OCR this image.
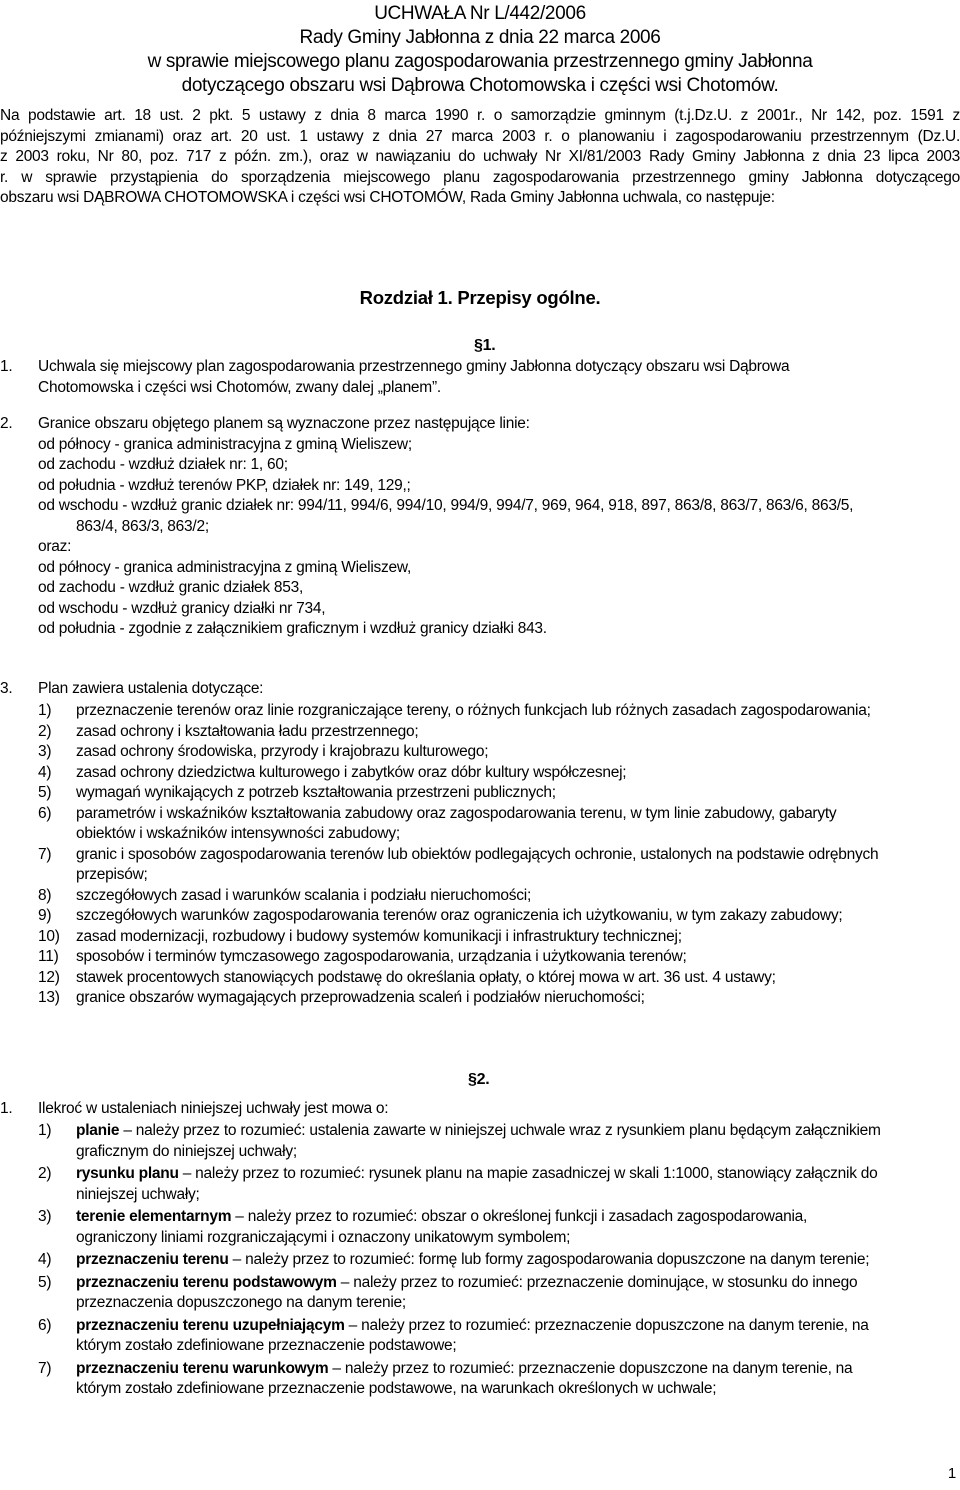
UCHWAŁA Nr L/442/2006
Rady Gminy Jabłonna z dnia 22 marca 2006
w sprawie miejscowego planu zagospodarowania przestrzennego gminy Jabłonna
dotyczącego obszaru wsi Dąbrowa Chotomowska i części wsi Chotomów.
Na podstawie art. 18 ust. 2 pkt. 5 ustawy z dnia 8 marca 1990 r. o samorządzie gminnym (t.j.Dz.U. z 2001r., Nr 142, poz. 1591 z
późniejszymi zmianami) oraz art. 20 ust. 1 ustawy z dnia 27 marca 2003 r. o planowaniu i zagospodarowaniu przestrzennym (Dz.U.
z 2003 roku, Nr 80, poz. 717 z późn. zm.), oraz w nawiązaniu do uchwały Nr XI/81/2003 Rady Gminy Jabłonna z dnia 23 lipca 2003
r. w sprawie przystąpienia do sporządzenia miejscowego planu zagospodarowania przestrzennego gminy Jabłonna dotyczącego
obszaru wsi DĄBROWA CHOTOMOWSKA i części wsi CHOTOMÓW, Rada Gminy Jabłonna uchwala, co następuje:
Rozdział 1. Przepisy ogólne.
§1.
1. Uchwala się miejscowy plan zagospodarowania przestrzennego gminy Jabłonna dotyczący obszaru wsi Dąbrowa
Chotomowska i części wsi Chotomów, zwany dalej „planem”.
2. Granice obszaru objętego planem są wyznaczone przez następujące linie:
od północy - granica administracyjna z gminą Wieliszew;
od zachodu - wzdłuż działek nr: 1, 60;
od południa - wzdłuż terenów PKP, działek nr: 149, 129,;
od wschodu - wzdłuż granic działek nr: 994/11, 994/6, 994/10, 994/9, 994/7, 969, 964, 918, 897, 863/8, 863/7, 863/6, 863/5,
863/4, 863/3, 863/2;
oraz:
od północy - granica administracyjna z gminą Wieliszew,
od zachodu - wzdłuż granic działek 853,
od wschodu - wzdłuż granicy działki nr 734,
od południa - zgodnie z załącznikiem graficznym i wzdłuż granicy działki 843.
3. Plan zawiera ustalenia dotyczące:
1) przeznaczenie terenów oraz linie rozgraniczające tereny, o różnych funkcjach lub różnych zasadach zagospodarowania;
2) zasad ochrony i kształtowania ładu przestrzennego;
3) zasad ochrony środowiska, przyrody i krajobrazu kulturowego;
4) zasad ochrony dziedzictwa kulturowego i zabytków oraz dóbr kultury współczesnej;
5) wymagań wynikających z potrzeb kształtowania przestrzeni publicznych;
6) parametrów i wskaźników kształtowania zabudowy oraz zagospodarowania terenu, w tym linie zabudowy, gabaryty
obiektów i wskaźników intensywności zabudowy;
7) granic i sposobów zagospodarowania terenów lub obiektów podlegających ochronie, ustalonych na podstawie odrębnych
przepisów;
8) szczegółowych zasad i warunków scalania i podziału nieruchomości;
9) szczegółowych warunków zagospodarowania terenów oraz ograniczenia ich użytkowaniu, w tym zakazy zabudowy;
10) zasad modernizacji, rozbudowy i budowy systemów komunikacji i infrastruktury technicznej;
11) sposobów i terminów tymczasowego zagospodarowania, urządzania i użytkowania terenów;
12) stawek procentowych stanowiących podstawę do określania opłaty, o której mowa w art. 36 ust. 4 ustawy;
13) granice obszarów wymagających przeprowadzenia scaleń i podziałów nieruchomości;
§2.
1. Ilekroć w ustaleniach niniejszej uchwały jest mowa o:
1) planie – należy przez to rozumieć: ustalenia zawarte w niniejszej uchwale wraz z rysunkiem planu będącym załącznikiem
graficznym do niniejszej uchwały;
2) rysunku planu – należy przez to rozumieć: rysunek planu na mapie zasadniczej w skali 1:1000, stanowiący załącznik do
niniejszej uchwały;
3) terenie elementarnym – należy przez to rozumieć: obszar o określonej funkcji i zasadach zagospodarowania,
ograniczony liniami rozgraniczającymi i oznaczony unikatowym symbolem;
4) przeznaczeniu terenu – należy przez to rozumieć: formę lub formy zagospodarowania dopuszczone na danym terenie;
5) przeznaczeniu terenu podstawowym – należy przez to rozumieć: przeznaczenie dominujące, w stosunku do innego
przeznaczenia dopuszczonego na danym terenie;
6) przeznaczeniu terenu uzupełniającym – należy przez to rozumieć: przeznaczenie dopuszczone na danym terenie, na
którym zostało zdefiniowane przeznaczenie podstawowe;
7) przeznaczeniu terenu warunkowym – należy przez to rozumieć: przeznaczenie dopuszczone na danym terenie, na
którym zostało zdefiniowane przeznaczenie podstawowe, na warunkach określonych w uchwale;
1
